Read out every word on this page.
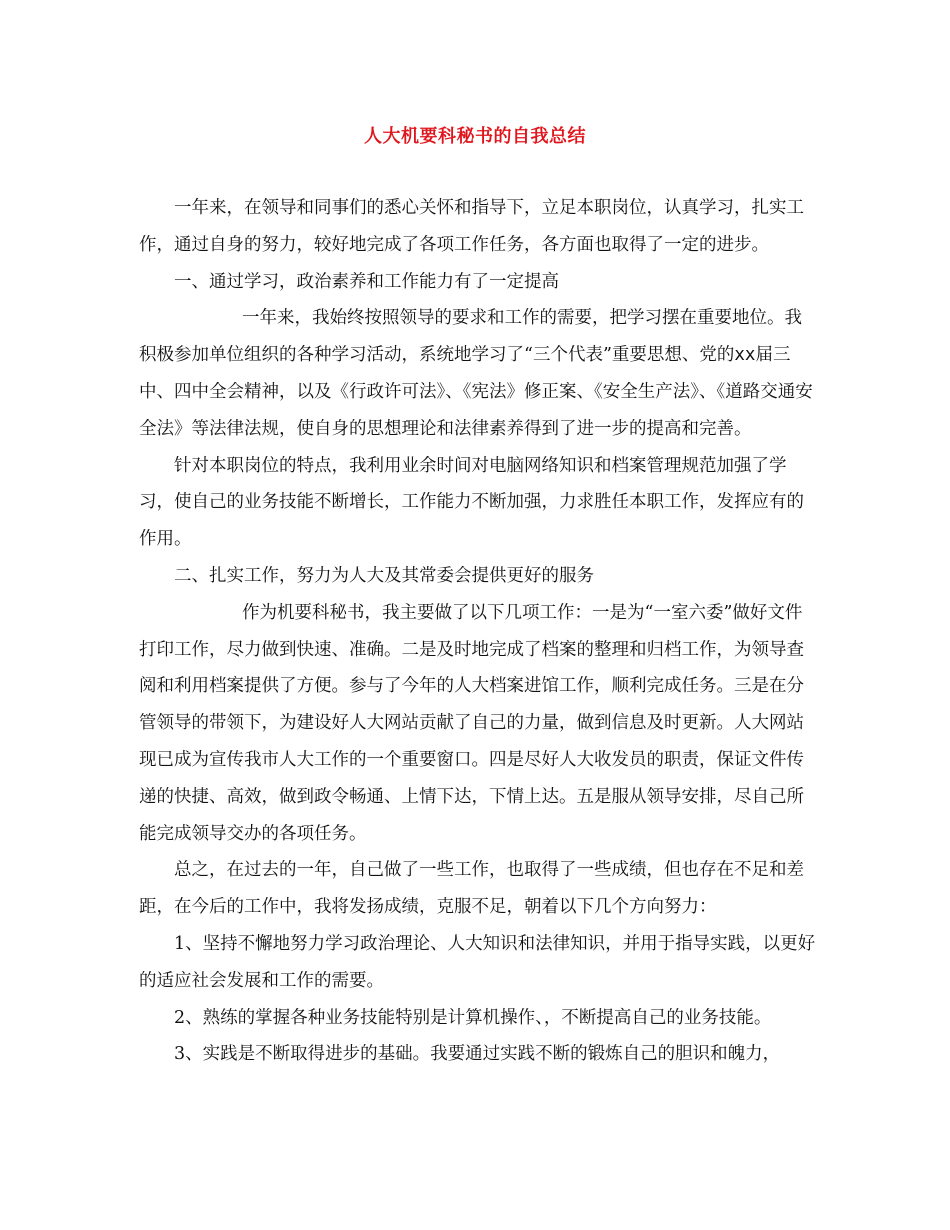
人大机要科秘书的自我总结

一年来，在领导和同事们的悉心关怀和指导下，立足本职岗位，认真学习，扎实工作，通过自身的努力，较好地完成了各项工作任务，各方面也取得了一定的进步。

一、通过学习，政治素养和工作能力有了一定提高

一年来，我始终按照领导的要求和工作的需要，把学习摆在重要地位。我积极参加单位组织的各种学习活动，系统地学习了“三个代表”重要思想、党的xx届三中、四中全会精神，以及《行政许可法》、《宪法》修正案、《安全生产法》、《道路交通安全法》等法律法规，使自身的思想理论和法律素养得到了进一步的提高和完善。

针对本职岗位的特点，我利用业余时间对电脑网络知识和档案管理规范加强了学习，使自己的业务技能不断增长，工作能力不断加强，力求胜任本职工作，发挥应有的作用。

二、扎实工作，努力为人大及其常委会提供更好的服务

作为机要科秘书，我主要做了以下几项工作：一是为“一室六委”做好文件打印工作，尽力做到快速、准确。二是及时地完成了档案的整理和归档工作，为领导查阅和利用档案提供了方便。参与了今年的人大档案进馆工作，顺利完成任务。三是在分管领导的带领下，为建设好人大网站贡献了自己的力量，做到信息及时更新。人大网站现已成为宣传我市人大工作的一个重要窗口。四是尽好人大收发员的职责，保证文件传递的快捷、高效，做到政令畅通、上情下达，下情上达。五是服从领导安排，尽自己所能完成领导交办的各项任务。

总之，在过去的一年，自己做了一些工作，也取得了一些成绩，但也存在不足和差距，在今后的工作中，我将发扬成绩，克服不足，朝着以下几个方向努力：

1、坚持不懈地努力学习政治理论、人大知识和法律知识，并用于指导实践，以更好的适应社会发展和工作的需要。

2、熟练的掌握各种业务技能特别是计算机操作、，不断提高自己的业务技能。

3、实践是不断取得进步的基础。我要通过实践不断的锻炼自己的胆识和魄力，
